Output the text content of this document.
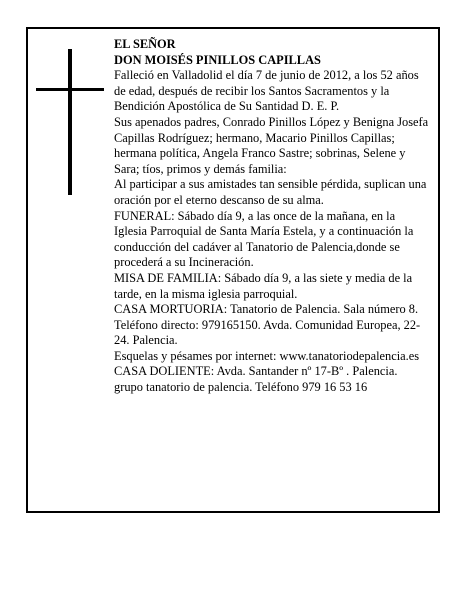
EL SEÑOR

DON MOISÉS PINILLOS CAPILLAS

Falleció en Valladolid el día 7 de junio de 2012, a los 52 años de edad, después de recibir los Santos Sacramentos y la Bendición Apostólica de Su Santidad D. E. P.

Sus apenados padres, Conrado Pinillos López y Benigna Josefa Capillas Rodríguez; hermano, Macario Pinillos Capillas; hermana política, Angela Franco Sastre; sobrinas, Selene y Sara; tíos, primos y demás familia:

Al participar a sus amistades tan sensible pérdida, suplican una oración por el eterno descanso de su alma.

FUNERAL: Sábado día 9, a las once de la mañana, en la Iglesia Parroquial de Santa María Estela, y a continuación la conducción del cadáver al Tanatorio de Palencia,donde se procederá a su Incineración.

MISA DE FAMILIA: Sábado día 9, a las siete y media de la tarde, en la misma iglesia parroquial.

CASA MORTUORIA: Tanatorio de Palencia. Sala número 8. Teléfono directo: 979165150. Avda. Comunidad Europea, 22-24. Palencia.

Esquelas y pésames por internet: www.tanatoriodepalencia.es

CASA DOLIENTE: Avda. Santander nº 17-Bº . Palencia.

grupo tanatorio de palencia. Teléfono 979 16 53 16
